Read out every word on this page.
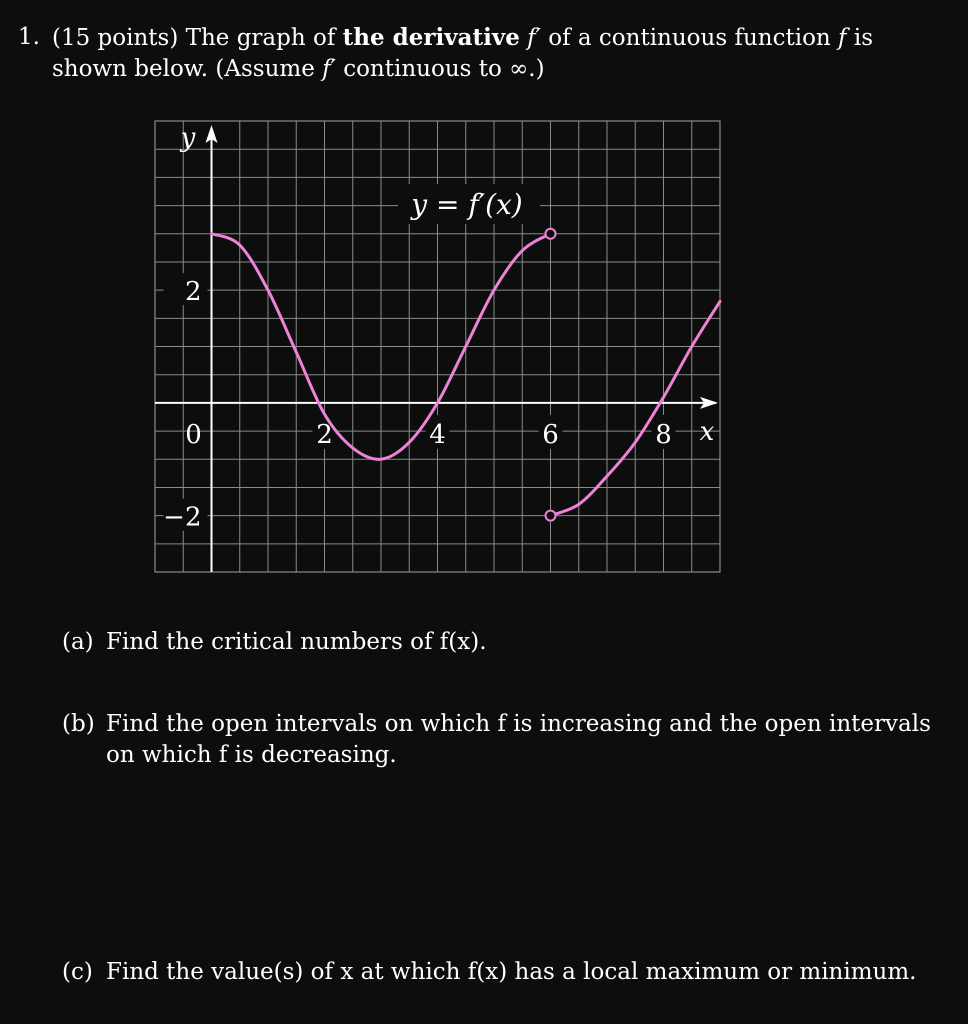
1. (15 points) The graph of the derivative f′ of a continuous function f is shown below. (Assume f′ continuous to ∞.)
0	2	4	6	8
2
−2
y
x
y = f′(x)
(a) Find the critical numbers of f(x).
(b) Find the open intervals on which f is increasing and the open intervals on which f is decreasing.
(c) Find the value(s) of x at which f(x) has a local maximum or minimum.
